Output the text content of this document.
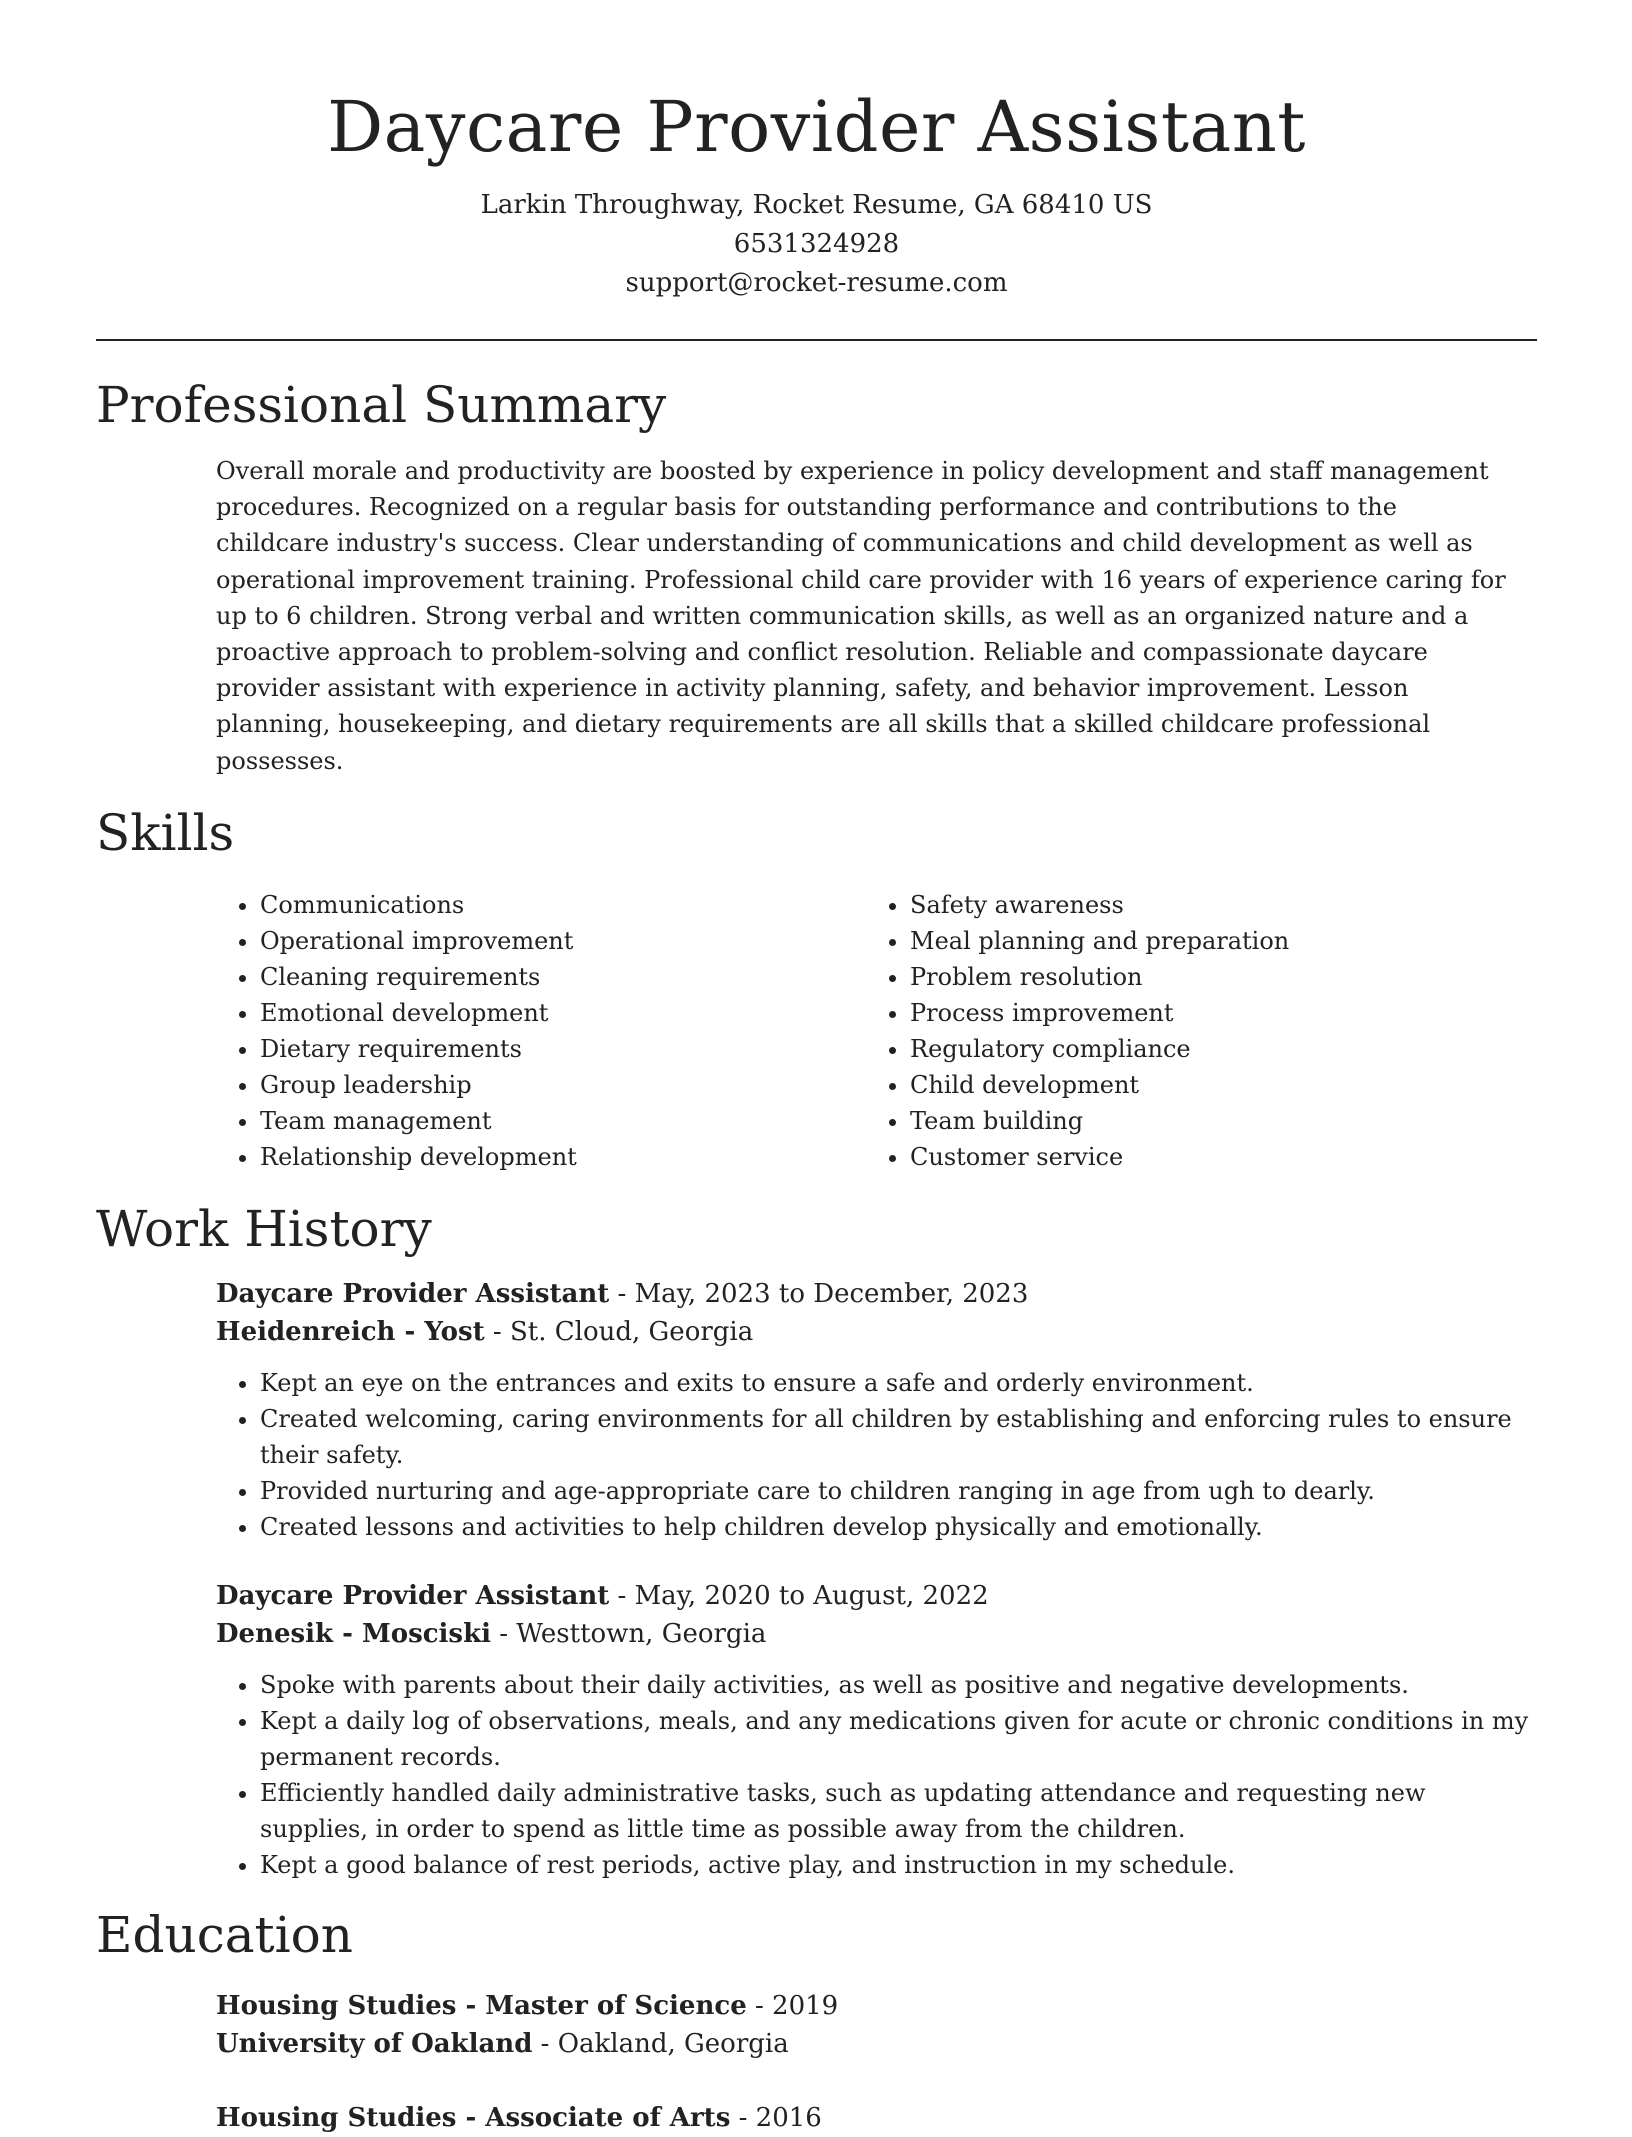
Daycare Provider Assistant
Larkin Throughway, Rocket Resume, GA 68410 US
6531324928
support@rocket-resume.com
Professional Summary
Overall morale and productivity are boosted by experience in policy development and staff management procedures. Recognized on a regular basis for outstanding performance and contributions to the childcare industry's success. Clear understanding of communications and child development as well as operational improvement training. Professional child care provider with 16 years of experience caring for up to 6 children. Strong verbal and written communication skills, as well as an organized nature and a proactive approach to problem-solving and conflict resolution. Reliable and compassionate daycare provider assistant with experience in activity planning, safety, and behavior improvement. Lesson planning, housekeeping, and dietary requirements are all skills that a skilled childcare professional possesses.
Skills
• Communications
• Operational improvement
• Cleaning requirements
• Emotional development
• Dietary requirements
• Group leadership
• Team management
• Relationship development
• Safety awareness
• Meal planning and preparation
• Problem resolution
• Process improvement
• Regulatory compliance
• Child development
• Team building
• Customer service
Work History
Daycare Provider Assistant - May, 2023 to December, 2023
Heidenreich - Yost - St. Cloud, Georgia
• Kept an eye on the entrances and exits to ensure a safe and orderly environment.
• Created welcoming, caring environments for all children by establishing and enforcing rules to ensure their safety.
• Provided nurturing and age-appropriate care to children ranging in age from ugh to dearly.
• Created lessons and activities to help children develop physically and emotionally.
Daycare Provider Assistant - May, 2020 to August, 2022
Denesik - Mosciski - Westtown, Georgia
• Spoke with parents about their daily activities, as well as positive and negative developments.
• Kept a daily log of observations, meals, and any medications given for acute or chronic conditions in my permanent records.
• Efficiently handled daily administrative tasks, such as updating attendance and requesting new supplies, in order to spend as little time as possible away from the children.
• Kept a good balance of rest periods, active play, and instruction in my schedule.
Education
Housing Studies - Master of Science - 2019
University of Oakland - Oakland, Georgia
Housing Studies - Associate of Arts - 2016
